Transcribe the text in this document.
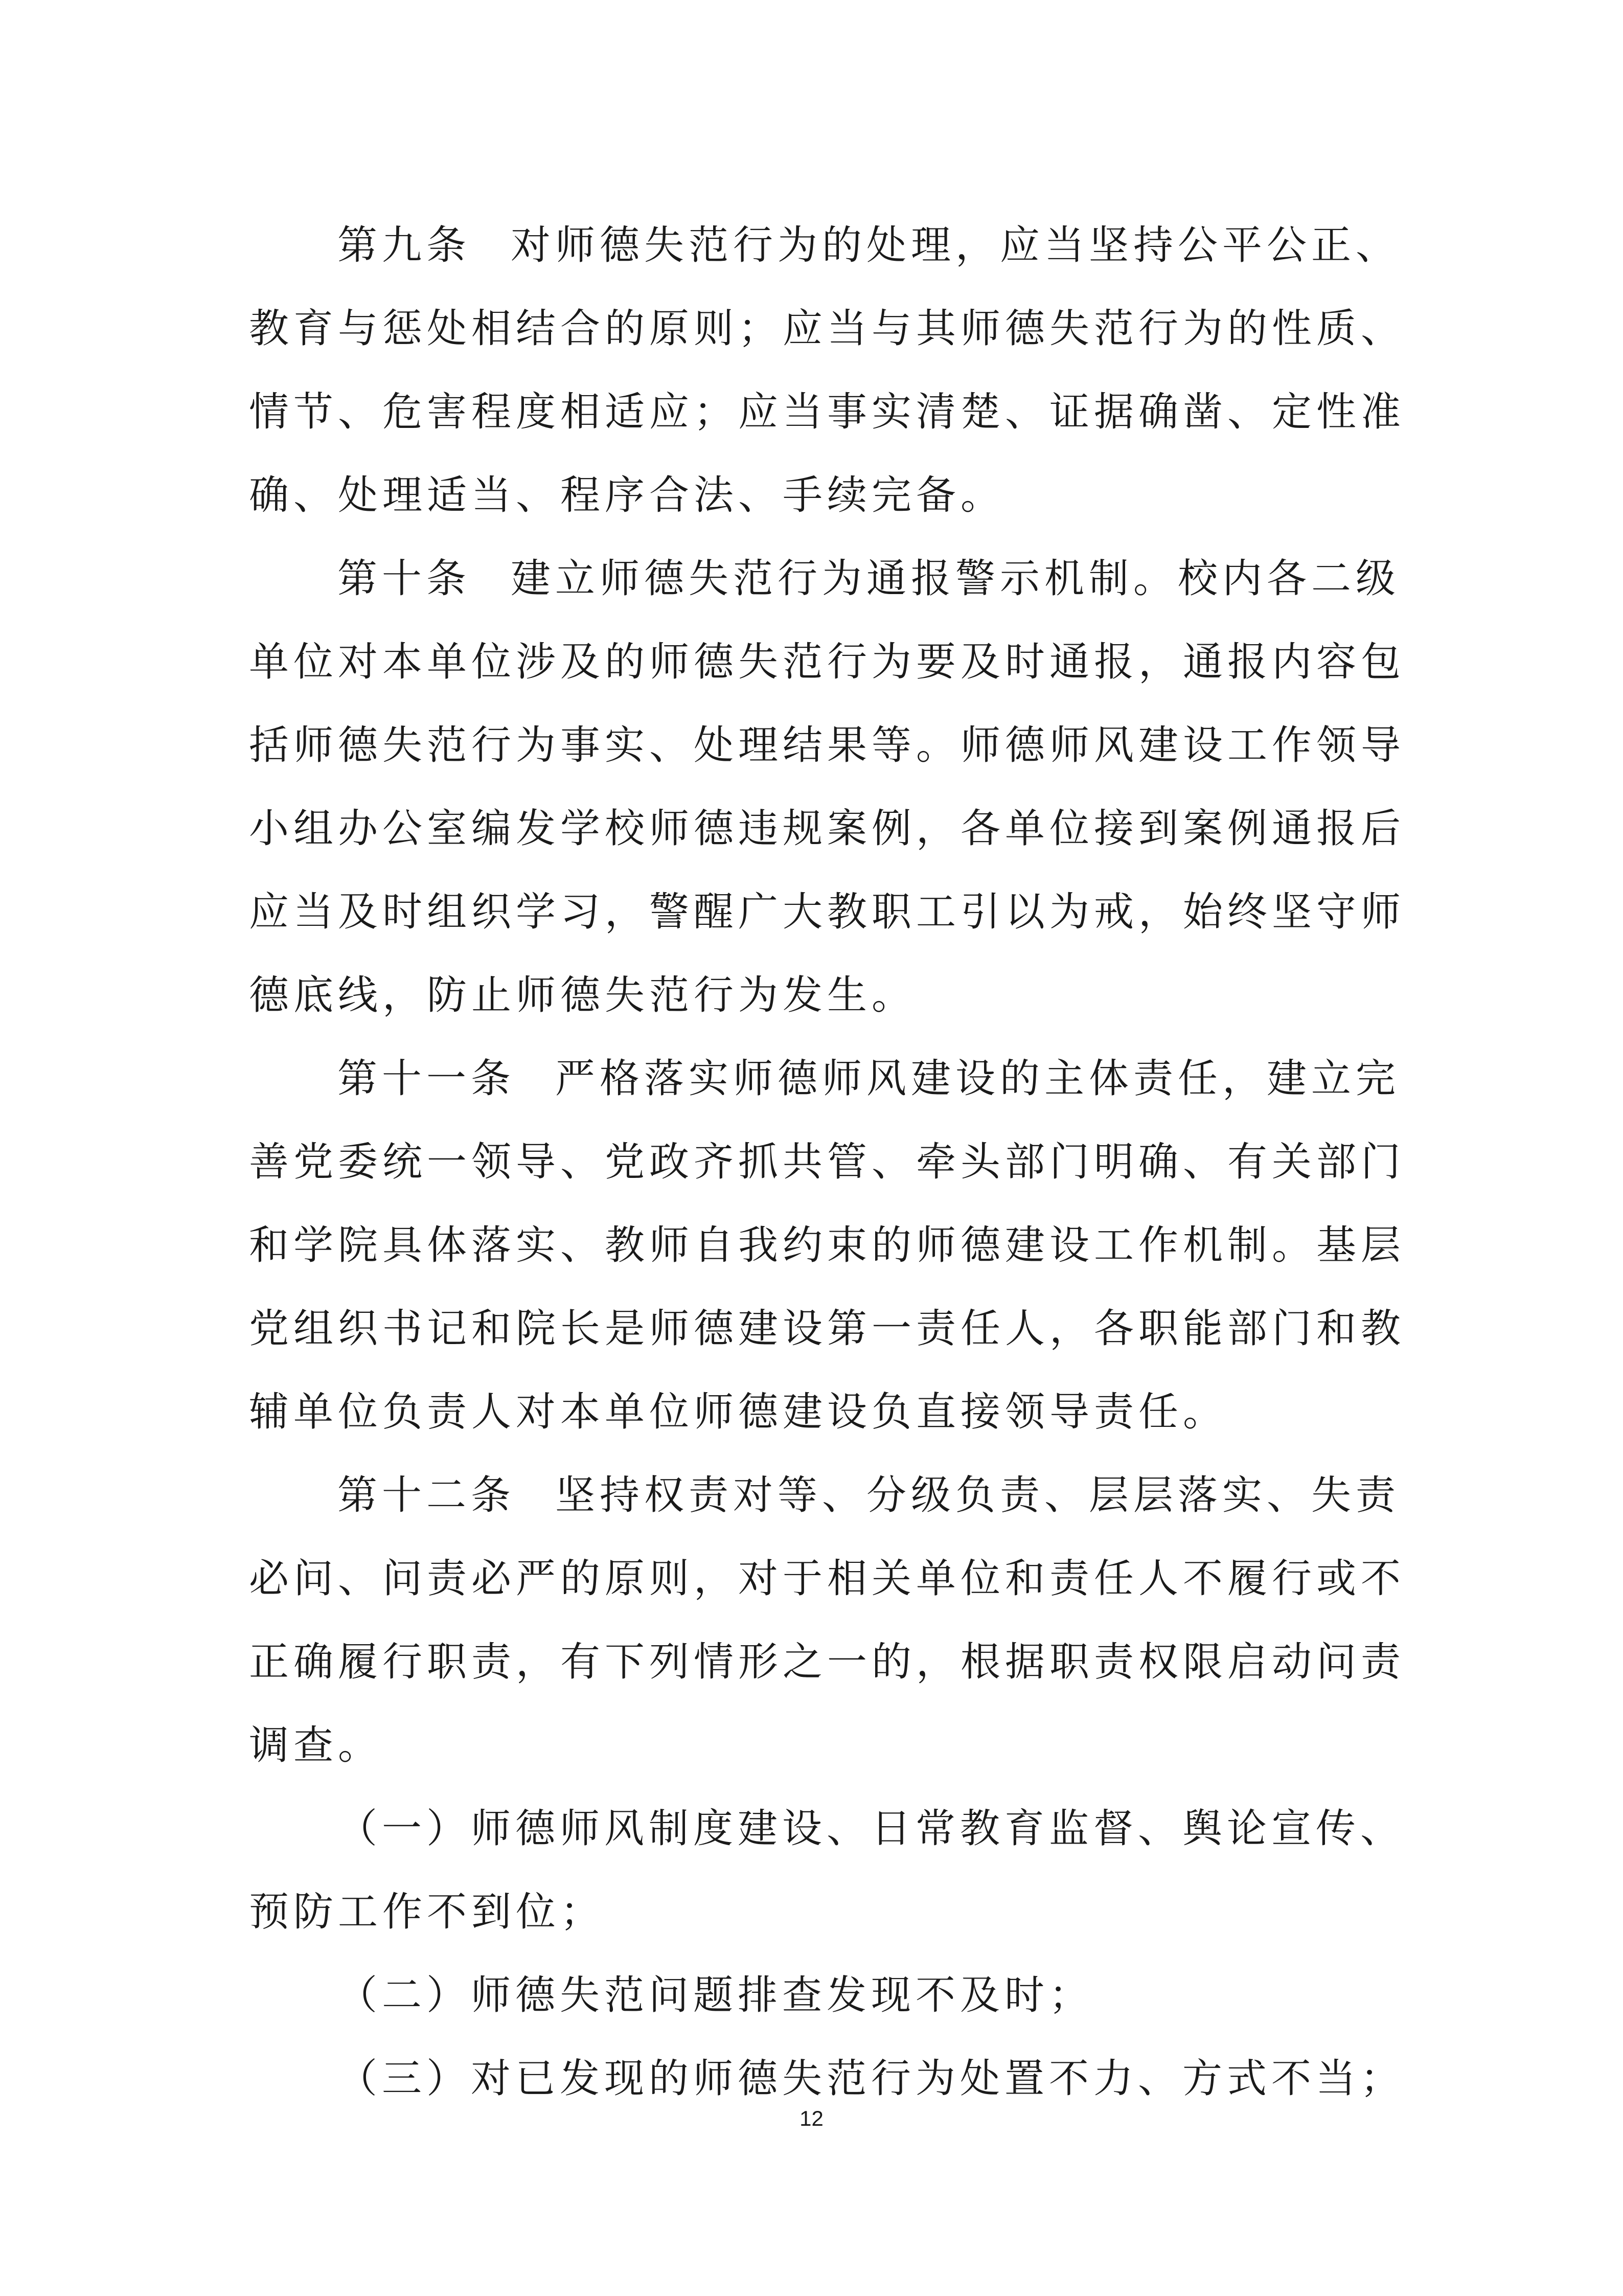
第九条 对师德失范行为的处理，应当坚持公平公正、
教育与惩处相结合的原则；应当与其师德失范行为的性质、
情节、危害程度相适应；应当事实清楚、证据确凿、定性准
确、处理适当、程序合法、手续完备。
第十条 建立师德失范行为通报警示机制。校内各二级
单位对本单位涉及的师德失范行为要及时通报，通报内容包
括师德失范行为事实、处理结果等。师德师风建设工作领导
小组办公室编发学校师德违规案例，各单位接到案例通报后
应当及时组织学习，警醒广大教职工引以为戒，始终坚守师
德底线，防止师德失范行为发生。
第十一条 严格落实师德师风建设的主体责任，建立完
善党委统一领导、党政齐抓共管、牵头部门明确、有关部门
和学院具体落实、教师自我约束的师德建设工作机制。基层
党组织书记和院长是师德建设第一责任人，各职能部门和教
辅单位负责人对本单位师德建设负直接领导责任。
第十二条 坚持权责对等、分级负责、层层落实、失责
必问、问责必严的原则，对于相关单位和责任人不履行或不
正确履行职责，有下列情形之一的，根据职责权限启动问责
调查。
（一）师德师风制度建设、日常教育监督、舆论宣传、
预防工作不到位；
（二）师德失范问题排查发现不及时；
（三）对已发现的师德失范行为处置不力、方式不当；
12
